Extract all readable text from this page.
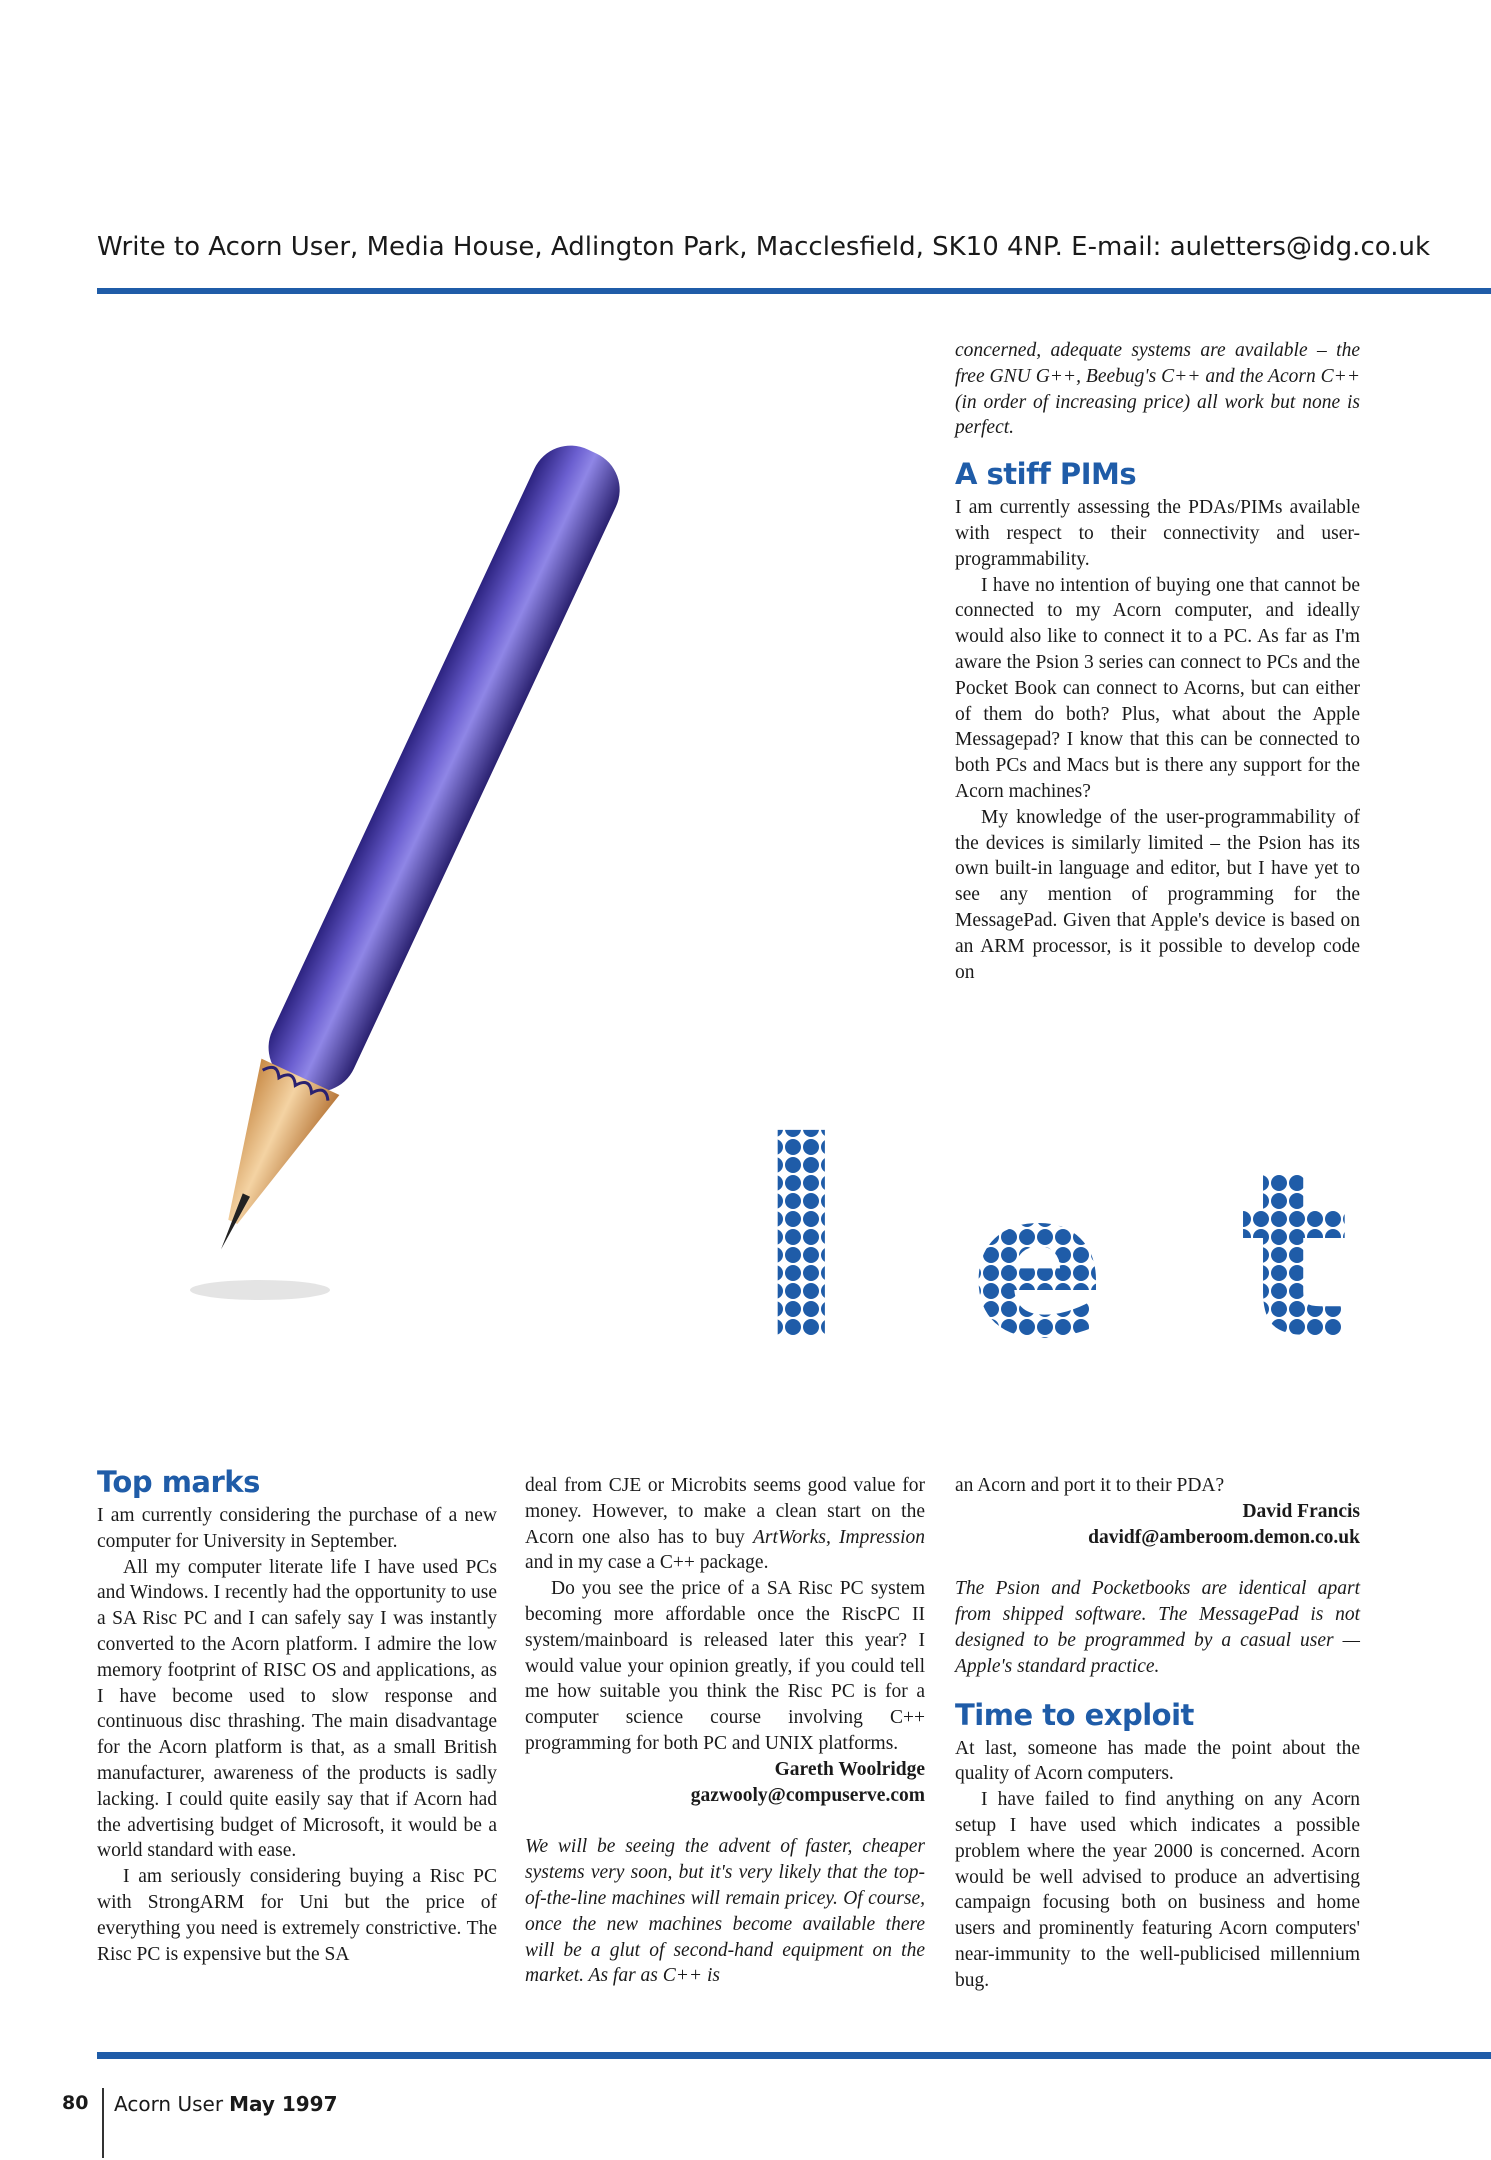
Write to Acorn User, Media House, Adlington Park, Macclesfield, SK10 4NP. E-mail: auletters@idg.co.uk
l e t

concerned, adequate systems are available – the free GNU G++, Beebug's C++ and the Acorn C++ (in order of increasing price) all work but none is perfect.

A stiff PIMs

I am currently assessing the PDAs/PIMs available with respect to their connectivity and user-programmability.

I have no intention of buying one that cannot be connected to my Acorn computer, and ideally would also like to connect it to a PC. As far as I'm aware the Psion 3 series can connect to PCs and the Pocket Book can connect to Acorns, but can either of them do both? Plus, what about the Apple Messagepad? I know that this can be connected to both PCs and Macs but is there any support for the Acorn machines?

My knowledge of the user-programmability of the devices is similarly limited – the Psion has its own built-in language and editor, but I have yet to see any mention of programming for the MessagePad. Given that Apple's device is based on an ARM processor, is it possible to develop code on

Top marks

I am currently considering the purchase of a new computer for University in September.

All my computer literate life I have used PCs and Windows. I recently had the opportunity to use a SA Risc PC and I can safely say I was instantly converted to the Acorn platform. I admire the low memory footprint of RISC OS and applications, as I have become used to slow response and continuous disc thrashing. The main disadvantage for the Acorn platform is that, as a small British manufacturer, awareness of the products is sadly lacking. I could quite easily say that if Acorn had the advertising budget of Microsoft, it would be a world standard with ease.

I am seriously considering buying a Risc PC with StrongARM for Uni but the price of everything you need is extremely constrictive. The Risc PC is expensive but the SA

deal from CJE or Microbits seems good value for money. However, to make a clean start on the Acorn one also has to buy ArtWorks, Impression and in my case a C++ package.

Do you see the price of a SA Risc PC system becoming more affordable once the RiscPC II system/mainboard is released later this year? I would value your opinion greatly, if you could tell me how suitable you think the Risc PC is for a computer science course involving C++ programming for both PC and UNIX platforms.

Gareth Woolridge

gazwooly@compuserve.com

We will be seeing the advent of faster, cheaper systems very soon, but it's very likely that the top-of-the-line machines will remain pricey. Of course, once the new machines become available there will be a glut of second-hand equipment on the market. As far as C++ is

an Acorn and port it to their PDA?

David Francis

davidf@amberoom.demon.co.uk

The Psion and Pocketbooks are identical apart from shipped software. The MessagePad is not designed to be programmed by a casual user — Apple's standard practice.

Time to exploit

At last, someone has made the point about the quality of Acorn computers.

I have failed to find anything on any Acorn setup I have used which indicates a possible problem where the year 2000 is concerned. Acorn would be well advised to produce an advertising campaign focusing both on business and home users and prominently featuring Acorn computers' near-immunity to the well-publicised millennium bug.

80 Acorn User May 1997
